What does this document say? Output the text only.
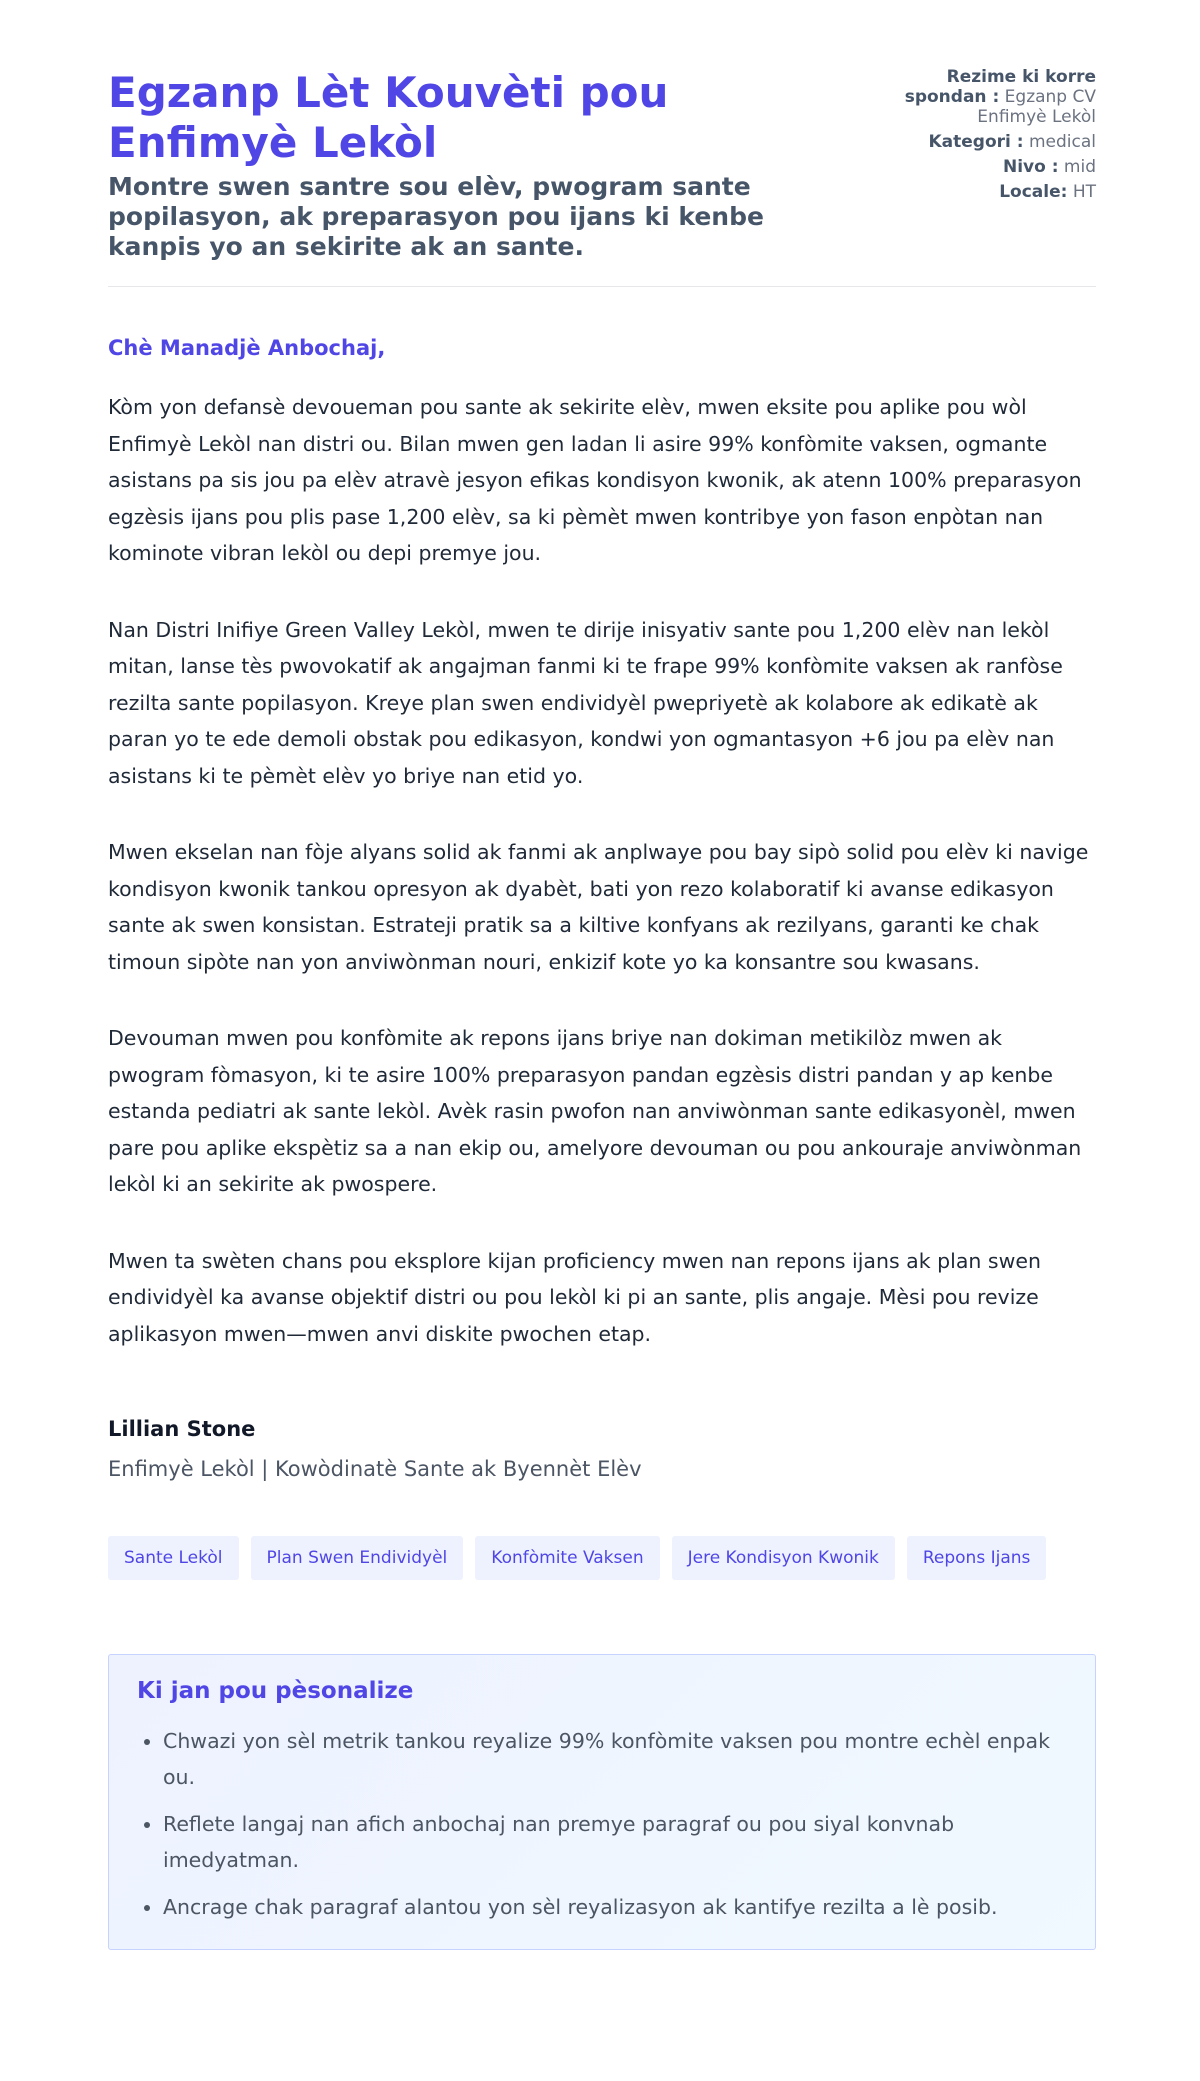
Egzanp Lèt Kouvèti pou Enfimyè Lekòl
Montre swen santre sou elèv, pwogram sante popilasyon, ak preparasyon pou ijans ki kenbe kanpis yo an sekirite ak an sante.
Rezime ki korre spondan : Egzanp CV Enfimyè Lekòl
Kategori : medical
Nivo : mid
Locale: HT
Chè Manadjè Anbochaj,

Kòm yon defansè devoueman pou sante ak sekirite elèv, mwen eksite pou aplike pou wòl Enfimyè Lekòl nan distri ou. Bilan mwen gen ladan li asire 99% konfòmite vaksen, ogmante asistans pa sis jou pa elèv atravè jesyon efikas kondisyon kwonik, ak atenn 100% preparasyon egzèsis ijans pou plis pase 1,200 elèv, sa ki pèmèt mwen kontribye yon fason enpòtan nan kominote vibran lekòl ou depi premye jou.

Nan Distri Inifiye Green Valley Lekòl, mwen te dirije inisyativ sante pou 1,200 elèv nan lekòl mitan, lanse tès pwovokatif ak angajman fanmi ki te frape 99% konfòmite vaksen ak ranfòse rezilta sante popilasyon. Kreye plan swen endividyèl pwepriyetè ak kolabore ak edikatè ak paran yo te ede demoli obstak pou edikasyon, kondwi yon ogmantasyon +6 jou pa elèv nan asistans ki te pèmèt elèv yo briye nan etid yo.

Mwen ekselan nan fòje alyans solid ak fanmi ak anplwaye pou bay sipò solid pou elèv ki navige kondisyon kwonik tankou opresyon ak dyabèt, bati yon rezo kolaboratif ki avanse edikasyon sante ak swen konsistan. Estrateji pratik sa a kiltive konfyans ak rezilyans, garanti ke chak timoun sipòte nan yon anviwònman nouri, enkizif kote yo ka konsantre sou kwasans.

Devouman mwen pou konfòmite ak repons ijans briye nan dokiman metikilòz mwen ak pwogram fòmasyon, ki te asire 100% preparasyon pandan egzèsis distri pandan y ap kenbe estanda pediatri ak sante lekòl. Avèk rasin pwofon nan anviwònman sante edikasyonèl, mwen pare pou aplike ekspètiz sa a nan ekip ou, amelyore devouman ou pou ankouraje anviwònman lekòl ki an sekirite ak pwospere.

Mwen ta swèten chans pou eksplore kijan proficiency mwen nan repons ijans ak plan swen endividyèl ka avanse objektif distri ou pou lekòl ki pi an sante, plis angaje. Mèsi pou revize aplikasyon mwen—mwen anvi diskite pwochen etap.

Lillian Stone
Enfimyè Lekòl | Kowòdinatè Sante ak Byennèt Elèv
Sante Lekòl	Plan Swen Endividyèl	Konfòmite Vaksen	Jere Kondisyon Kwonik	Repons Ijans
Ki jan pou pèsonalize
• Chwazi yon sèl metrik tankou reyalize 99% konfòmite vaksen pou montre echèl enpak ou.
• Reflete langaj nan afich anbochaj nan premye paragraf ou pou siyal konvnab imedyatman.
• Ancrage chak paragraf alantou yon sèl reyalizasyon ak kantifye rezilta a lè posib.
